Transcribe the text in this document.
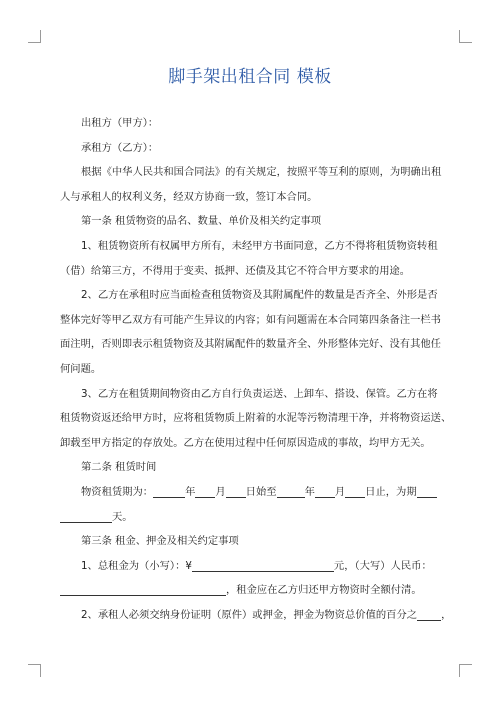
脚手架出租合同 模板
出租方（甲方）：
承租方（乙方）：
根据《中华人民共和国合同法》的有关规定，按照平等互利的原则，为明确出租
人与承租人的权利义务，经双方协商一致，签订本合同。
第一条 租赁物资的品名、数量、单价及相关约定事项
1、租赁物资所有权属甲方所有，未经甲方书面同意，乙方不得将租赁物资转租
（借）给第三方，不得用于变卖、抵押、还债及其它不符合甲方要求的用途。
2、乙方在承租时应当面检查租赁物资及其附属配件的数量是否齐全、外形是否
整体完好等甲乙双方有可能产生异议的内容；如有问题需在本合同第四条备注一栏书
面注明，否则即表示租赁物资及其附属配件的数量齐全、外形整体完好、没有其他任
何问题。
3、乙方在租赁期间物资由乙方自行负责运送、上卸车、搭设、保管。乙方在将
租赁物资返还给甲方时，应将租赁物质上附着的水泥等污物清理干净，并将物资运送、
卸载至甲方指定的存放处。乙方在使用过程中任何原因造成的事故，均甲方无关。
第二条 租赁时间
物资租赁期为：	年 月 日始至	年 月 日止，为期
天。
第三条 租金、押金及相关约定事项
1、总租金为（小写）：¥	元，（大写）人民币：
，租金应在乙方归还甲方物资时全额付清。
2、承租人必须交纳身份证明（原件）或押金，押金为物资总价值的百分之 ，
